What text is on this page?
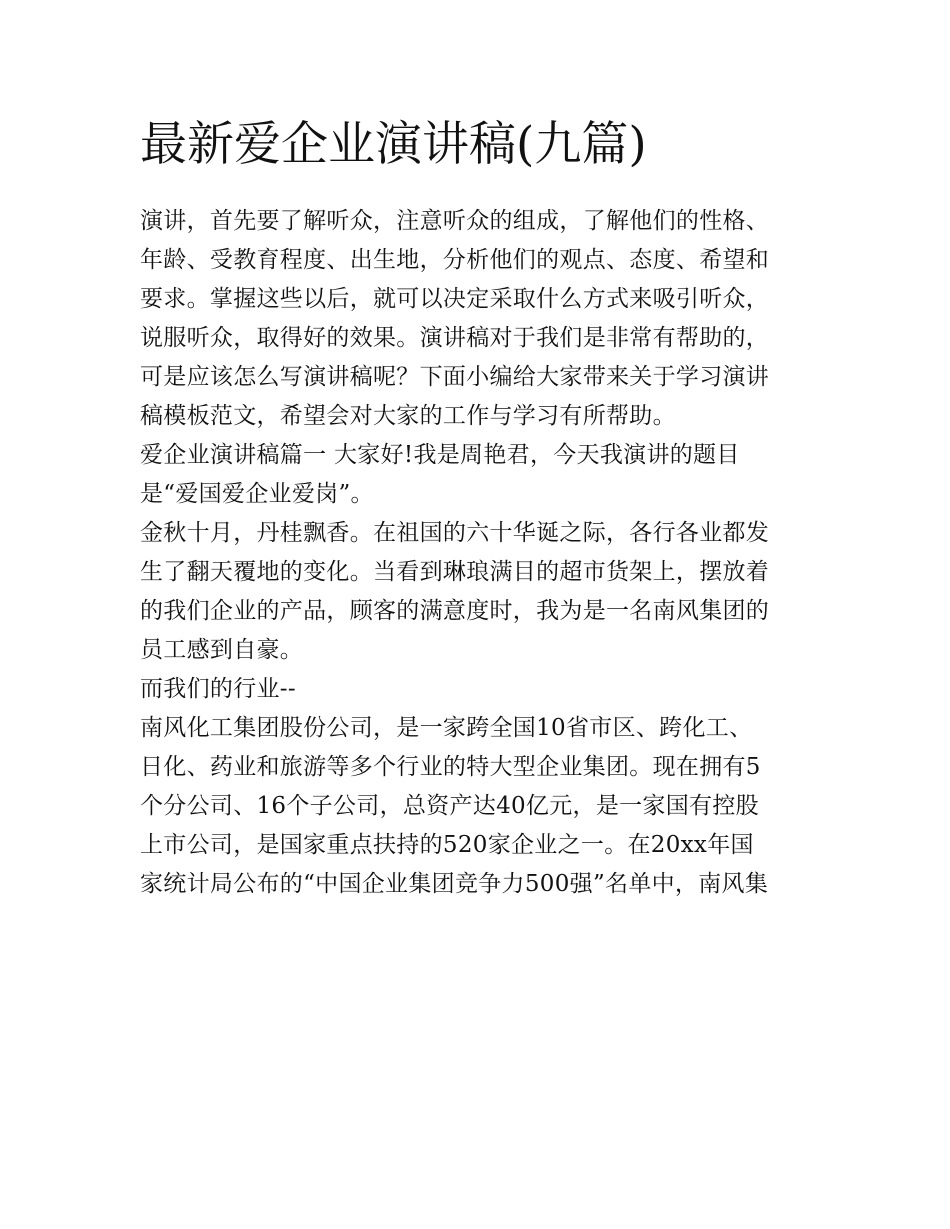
最新爱企业演讲稿(九篇)
演讲，首先要了解听众，注意听众的组成，了解他们的性格、
年龄、受教育程度、出生地，分析他们的观点、态度、希望和
要求。掌握这些以后，就可以决定采取什么方式来吸引听众，
说服听众，取得好的效果。演讲稿对于我们是非常有帮助的，
可是应该怎么写演讲稿呢？下面小编给大家带来关于学习演讲
稿模板范文，希望会对大家的工作与学习有所帮助。
爱企业演讲稿篇一 大家好!我是周艳君，今天我演讲的题目
是“爱国爱企业爱岗”。
金秋十月，丹桂飘香。在祖国的六十华诞之际，各行各业都发
生了翻天覆地的变化。当看到琳琅满目的超市货架上，摆放着
的我们企业的产品，顾客的满意度时，我为是一名南风集团的
员工感到自豪。
而我们的行业--
南风化工集团股份公司，是一家跨全国10省市区、跨化工、
日化、药业和旅游等多个行业的特大型企业集团。现在拥有5
个分公司、16个子公司，总资产达40亿元，是一家国有控股
上市公司，是国家重点扶持的520家企业之一。在20xx年国
家统计局公布的“中国企业集团竞争力500强”名单中，南风集
